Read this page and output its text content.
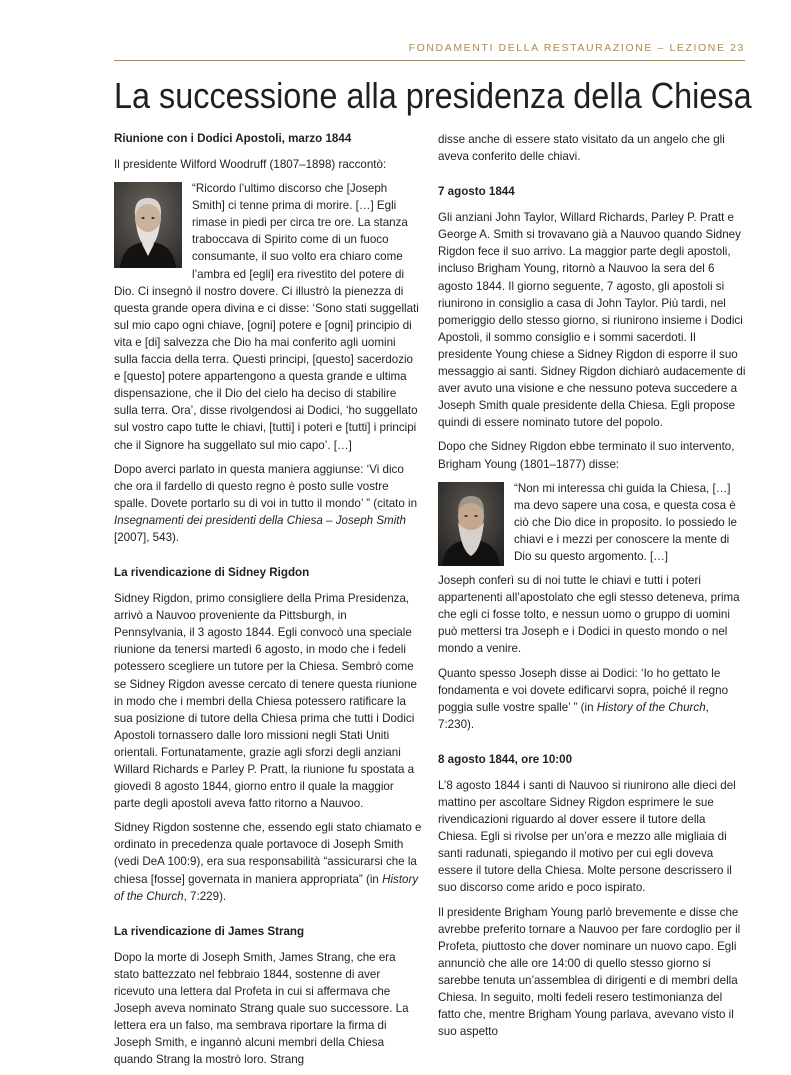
FONDAMENTI DELLA RESTAURAZIONE – LEZIONE 23
La successione alla presidenza della Chiesa
Riunione con i Dodici Apostoli, marzo 1844

Il presidente Wilford Woodruff (1807–1898) raccontò:

“Ricordo l’ultimo discorso che [Joseph Smith] ci tenne prima di morire. […] Egli rimase in piedi per circa tre ore. La stanza traboccava di Spirito come di un fuoco consumante, il suo volto era chiaro come l’ambra ed [egli] era rivestito del potere di Dio. Ci insegnò il nostro dovere. Ci illustrò la pienezza di questa grande opera divina e ci disse: ‘Sono stati suggellati sul mio capo ogni chiave, [ogni] potere e [ogni] principio di vita e [di] salvezza che Dio ha mai conferito agli uomini sulla faccia della terra. Questi principi, [questo] sacerdozio e [questo] potere appartengono a questa grande e ultima dispensazione, che il Dio del cielo ha deciso di stabilire sulla terra. Ora’, disse rivolgendosi ai Dodici, ‘ho suggellato sul vostro capo tutte le chiavi, [tutti] i poteri e [tutti] i principi che il Signore ha suggellato sul mio capo’. […]

Dopo averci parlato in questa maniera aggiunse: ‘Vi dico che ora il fardello di questo regno è posto sulle vostre spalle. Dovete portarlo su di voi in tutto il mondo’ ” (citato in Insegnamenti dei presidenti della Chiesa – Joseph Smith [2007], 543).

La rivendicazione di Sidney Rigdon

Sidney Rigdon, primo consigliere della Prima Presidenza, arrivò a Nauvoo proveniente da Pittsburgh, in Pennsylvania, il 3 agosto 1844. Egli convocò una speciale riunione da tenersi martedì 6 agosto, in modo che i fedeli potessero scegliere un tutore per la Chiesa. Sembrò come se Sidney Rigdon avesse cercato di tenere questa riunione in modo che i membri della Chiesa potessero ratificare la sua posizione di tutore della Chiesa prima che tutti i Dodici Apostoli tornassero dalle loro missioni negli Stati Uniti orientali. Fortunatamente, grazie agli sforzi degli anziani Willard Richards e Parley P. Pratt, la riunione fu spostata a giovedì 8 agosto 1844, giorno entro il quale la maggior parte degli apostoli aveva fatto ritorno a Nauvoo.

Sidney Rigdon sostenne che, essendo egli stato chiamato e ordinato in precedenza quale portavoce di Joseph Smith (vedi DeA 100:9), era sua responsabilità “assicurarsi che la chiesa [fosse] governata in maniera appropriata” (in History of the Church, 7:229).

La rivendicazione di James Strang

Dopo la morte di Joseph Smith, James Strang, che era stato battezzato nel febbraio 1844, sostenne di aver ricevuto una lettera dal Profeta in cui si affermava che Joseph aveva nominato Strang quale suo successore. La lettera era un falso, ma sembrava riportare la firma di Joseph Smith, e ingannò alcuni membri della Chiesa quando Strang la mostrò loro. Strang

disse anche di essere stato visitato da un angelo che gli aveva conferito delle chiavi.

7 agosto 1844

Gli anziani John Taylor, Willard Richards, Parley P. Pratt e George A. Smith si trovavano già a Nauvoo quando Sidney Rigdon fece il suo arrivo. La maggior parte degli apostoli, incluso Brigham Young, ritornò a Nauvoo la sera del 6 agosto 1844. Il giorno seguente, 7 agosto, gli apostoli si riunirono in consiglio a casa di John Taylor. Più tardi, nel pomeriggio dello stesso giorno, si riunirono insieme i Dodici Apostoli, il sommo consiglio e i sommi sacerdoti. Il presidente Young chiese a Sidney Rigdon di esporre il suo messaggio ai santi. Sidney Rigdon dichiarò audacemente di aver avuto una visione e che nessuno poteva succedere a Joseph Smith quale presidente della Chiesa. Egli propose quindi di essere nominato tutore del popolo.

Dopo che Sidney Rigdon ebbe terminato il suo intervento, Brigham Young (1801–1877) disse:

“Non mi interessa chi guida la Chiesa, […] ma devo sapere una cosa, e questa cosa è ciò che Dio dice in proposito. Io possiedo le chiavi e i mezzi per conoscere la mente di Dio su questo argomento. […]

Joseph conferì su di noi tutte le chiavi e tutti i poteri appartenenti all’apostolato che egli stesso deteneva, prima che egli ci fosse tolto, e nessun uomo o gruppo di uomini può mettersi tra Joseph e i Dodici in questo mondo o nel mondo a venire.

Quanto spesso Joseph disse ai Dodici: ‘Io ho gettato le fondamenta e voi dovete edificarvi sopra, poiché il regno poggia sulle vostre spalle’ ” (in History of the Church, 7:230).

8 agosto 1844, ore 10:00

L’8 agosto 1844 i santi di Nauvoo si riunirono alle dieci del mattino per ascoltare Sidney Rigdon esprimere le sue rivendicazioni riguardo al dover essere il tutore della Chiesa. Egli si rivolse per un’ora e mezzo alle migliaia di santi radunati, spiegando il motivo per cui egli doveva essere il tutore della Chiesa. Molte persone descrissero il suo discorso come arido e poco ispirato.

Il presidente Brigham Young parlò brevemente e disse che avrebbe preferito tornare a Nauvoo per fare cordoglio per il Profeta, piuttosto che dover nominare un nuovo capo. Egli annunciò che alle ore 14:00 di quello stesso giorno si sarebbe tenuta un’assemblea di dirigenti e di membri della Chiesa. In seguito, molti fedeli resero testimonianza del fatto che, mentre Brigham Young parlava, avevano visto il suo aspetto
